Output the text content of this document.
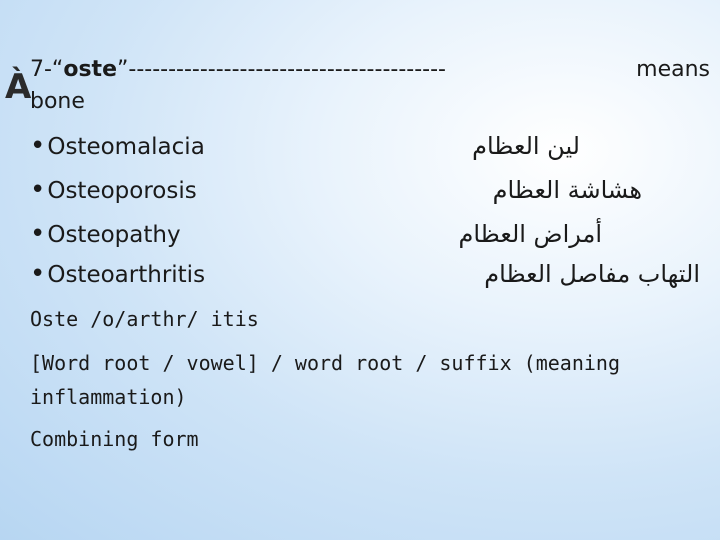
À
7-“ oste ” ----------------------------------------	means
bone
•Osteomalacia	لين العظام
•Osteoporosis	هشاشة العظام
•Osteopathy	أمراض العظام
•Osteoarthritis	التهاب مفاصل العظام
Oste /o/arthr/ itis
[Word root / vowel] / word root / suffix (meaning
inflammation)
Combining form
